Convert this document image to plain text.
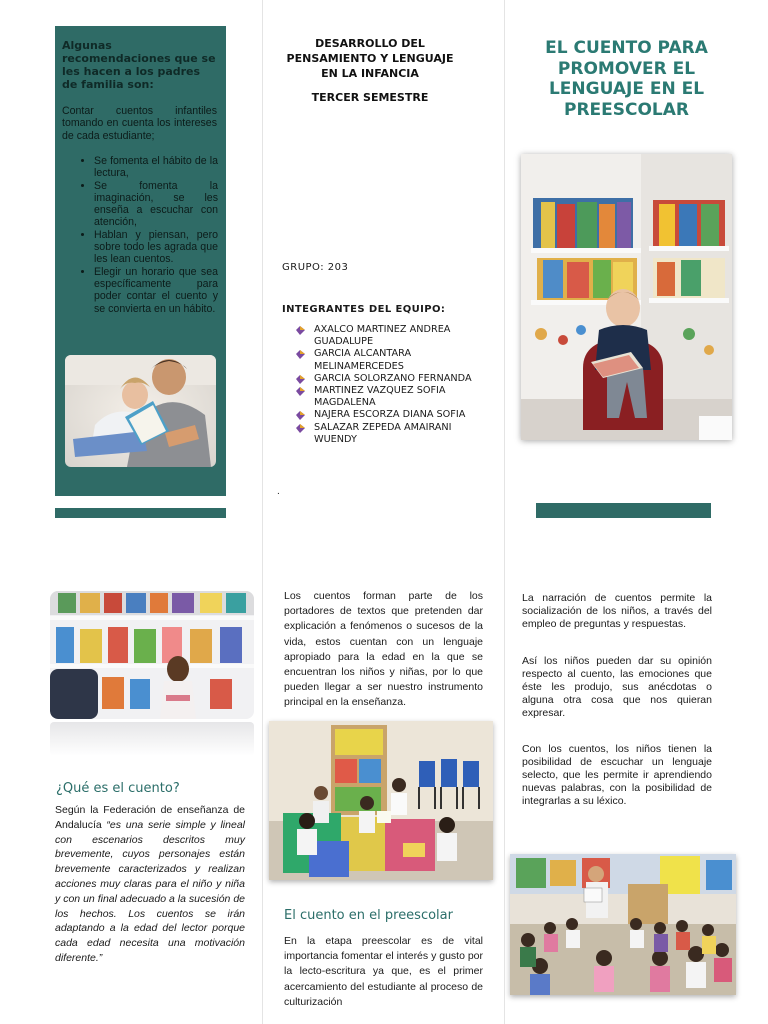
Algunas recomendaciones que se les hacen a los padres de familia son:
Contar cuentos infantiles tomando en cuenta los intereses de cada estudiante;
• Se fomenta el hábito de la lectura,
• Se fomenta la imaginación, se les enseña a escuchar con atención,
• Hablan y piensan, pero sobre todo les agrada que les lean cuentos.
• Elegir un horario que sea específicamente para poder contar el cuento y se convierta en un hábito.
DESARROLLO DEL PENSAMIENTO Y LENGUAJE EN LA INFANCIA
TERCER SEMESTRE
GRUPO: 203
INTEGRANTES DEL EQUIPO:
AXALCO MARTINEZ ANDREA GUADALUPE
GARCIA ALCANTARA MELINAMERCEDES
GARCIA SOLORZANO FERNANDA
MARTINEZ VAZQUEZ SOFIA MAGDALENA
NAJERA ESCORZA DIANA SOFIA
SALAZAR ZEPEDA AMAIRANI WUENDY
.
EL CUENTO PARA PROMOVER EL LENGUAJE EN EL PREESCOLAR
¿Qué es el cuento?
Según la Federación de enseñanza de Andalucía “es una serie simple y lineal con escenarios descritos muy brevemente, cuyos personajes están brevemente caracterizados y realizan acciones muy claras para el niño y niña y con un final adecuado a la sucesión de los hechos. Los cuentos se irán adaptando a la edad del lector porque cada edad necesita una motivación diferente.”
Los cuentos forman parte de los portadores de textos que pretenden dar explicación a fenómenos o sucesos de la vida, estos cuentan con un lenguaje apropiado para la edad en la que se encuentran los niños y niñas, por lo que pueden llegar a ser nuestro instrumento principal en la enseñanza.
El cuento en el preescolar
En la etapa preescolar es de vital importancia fomentar el interés y gusto por la lecto-escritura ya que, es el primer acercamiento del estudiante al proceso de culturización
La narración de cuentos permite la socialización de los niños, a través del empleo de preguntas y respuestas.
Así los niños pueden dar su opinión respecto al cuento, las emociones que éste les produjo, sus anécdotas o alguna otra cosa que nos quieran expresar.
Con los cuentos, los niños tienen la posibilidad de escuchar un lenguaje selecto, que les permite ir aprendiendo nuevas palabras, con la posibilidad de integrarlas a su léxico.
